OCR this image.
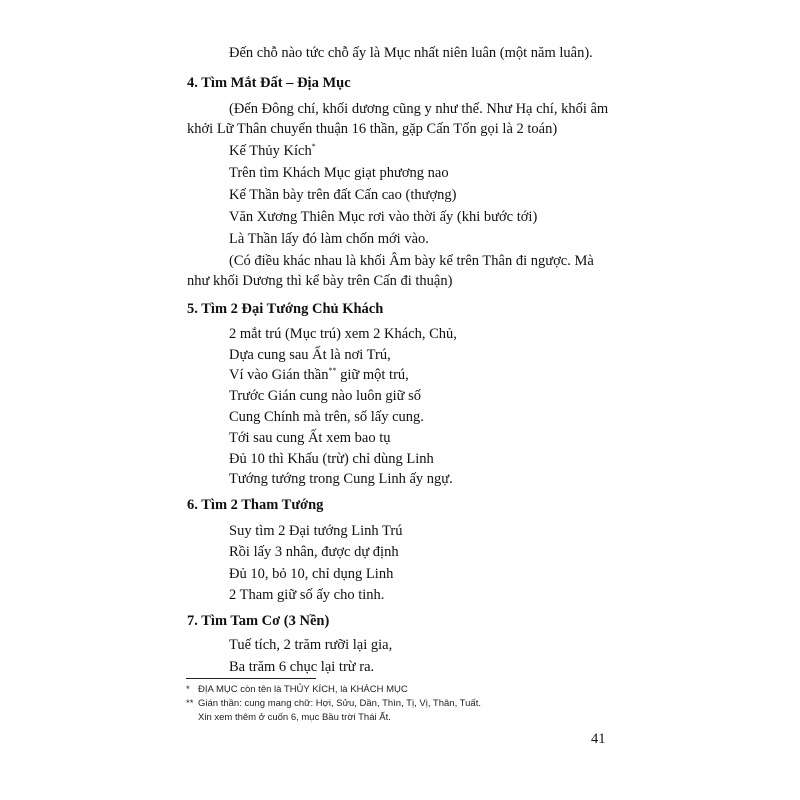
Đến chỗ nào tức chỗ ấy là Mục nhất niên luân (một năm luân).
4. Tìm Mắt Đất – Địa Mục
(Đến Đông chí, khối dương cũng y như thế. Như Hạ chí, khối âm
khởi Lữ Thân chuyển thuận 16 thần, gặp Cấn Tốn gọi là 2 toán)
Kế Thủy Kích*
Trên tìm Khách Mục giạt phương nao
Kế Thần bày trên đất Cấn cao (thượng)
Văn Xương Thiên Mục rơi vào thời ấy (khi bước tới)
Là Thần lấy đó làm chốn mới vào.
(Có điều khác nhau là khối Âm bày kể trên Thân đi ngược. Mà
như khối Dương thì kể bày trên Cấn đi thuận)
5. Tìm 2 Đại Tướng Chủ Khách
2 mắt trú (Mục trú) xem 2 Khách, Chủ,
Dựa cung sau Ất là nơi Trú,
Ví vào Gián thần** giữ một trú,
Trước Gián cung nào luôn giữ số
Cung Chính mà trên, số lấy cung.
Tới sau cung Ất xem bao tụ
Đủ 10 thì Khấu (trừ) chỉ dùng Linh
Tướng tướng trong Cung Linh ấy ngự.
6. Tìm 2 Tham Tướng
Suy tìm 2 Đại tướng Linh Trú
Rồi lấy 3 nhân, được dự định
Đủ 10, bỏ 10, chỉ dụng Linh
2 Tham giữ số ấy cho tinh.
7. Tìm Tam Cơ (3 Nền)
Tuế tích, 2 trăm rưỡi lại gia,
Ba trăm 6 chục lại trừ ra.
* ĐỊA MỤC còn tên là THỦY KÍCH, là KHÁCH MỤC
** Gián thần: cung mang chữ: Hợi, Sửu, Dần, Thìn, Tị, Vị, Thân, Tuất.
Xin xem thêm ở cuốn 6, mục Bầu trời Thái Ất.
41
